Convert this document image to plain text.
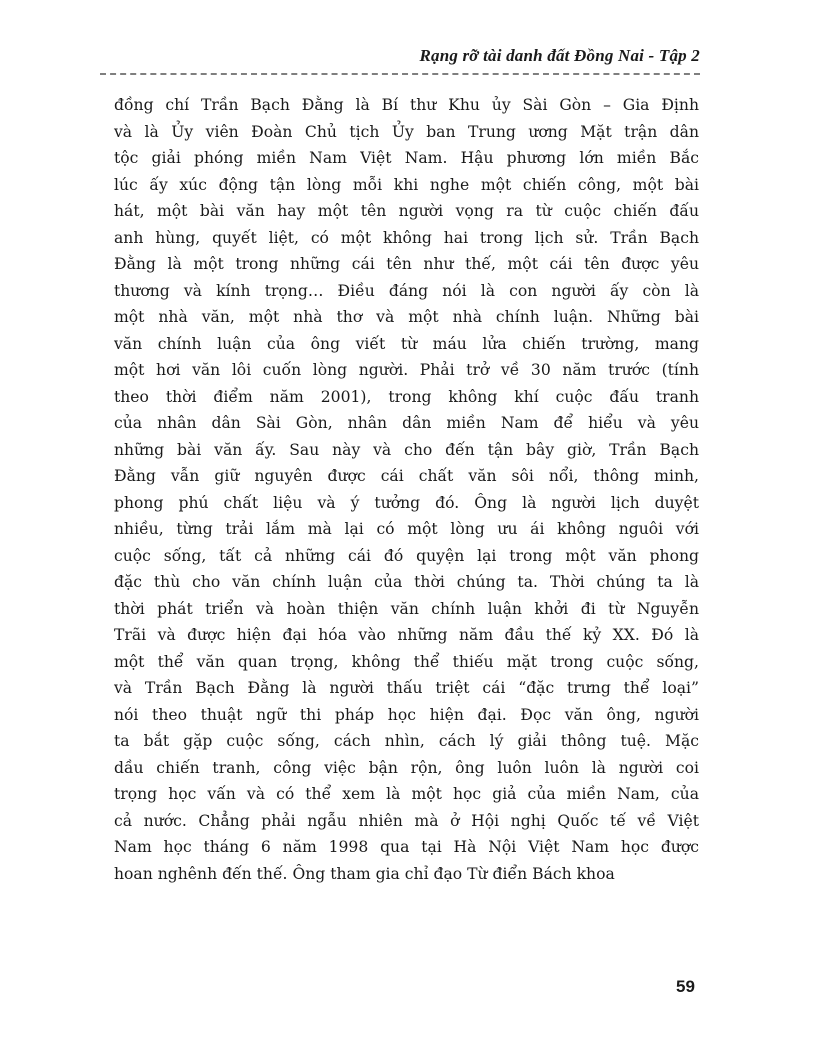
Rạng rỡ tài danh đất Đồng Nai - Tập 2
đồng chí Trần Bạch Đằng là Bí thư Khu ủy Sài Gòn – Gia Định
và là Ủy viên Đoàn Chủ tịch Ủy ban Trung ương Mặt trận dân
tộc giải phóng miền Nam Việt Nam. Hậu phương lớn miền Bắc
lúc ấy xúc động tận lòng mỗi khi nghe một chiến công, một bài
hát, một bài văn hay một tên người vọng ra từ cuộc chiến đấu
anh hùng, quyết liệt, có một không hai trong lịch sử. Trần Bạch
Đằng là một trong những cái tên như thế, một cái tên được yêu
thương và kính trọng… Điều đáng nói là con người ấy còn là
một nhà văn, một nhà thơ và một nhà chính luận. Những bài
văn chính luận của ông viết từ máu lửa chiến trường, mang
một hơi văn lôi cuốn lòng người. Phải trở về 30 năm trước (tính
theo thời điểm năm 2001), trong không khí cuộc đấu tranh
của nhân dân Sài Gòn, nhân dân miền Nam để hiểu và yêu
những bài văn ấy. Sau này và cho đến tận bây giờ, Trần Bạch
Đằng vẫn giữ nguyên được cái chất văn sôi nổi, thông minh,
phong phú chất liệu và ý tưởng đó. Ông là người lịch duyệt
nhiều, từng trải lắm mà lại có một lòng ưu ái không nguôi với
cuộc sống, tất cả những cái đó quyện lại trong một văn phong
đặc thù cho văn chính luận của thời chúng ta. Thời chúng ta là
thời phát triển và hoàn thiện văn chính luận khởi đi từ Nguyễn
Trãi và được hiện đại hóa vào những năm đầu thế kỷ XX. Đó là
một thể văn quan trọng, không thể thiếu mặt trong cuộc sống,
và Trần Bạch Đằng là người thấu triệt cái “đặc trưng thể loại”
nói theo thuật ngữ thi pháp học hiện đại. Đọc văn ông, người
ta bắt gặp cuộc sống, cách nhìn, cách lý giải thông tuệ. Mặc
dầu chiến tranh, công việc bận rộn, ông luôn luôn là người coi
trọng học vấn và có thể xem là một học giả của miền Nam, của
cả nước. Chẳng phải ngẫu nhiên mà ở Hội nghị Quốc tế về Việt
Nam học tháng 6 năm 1998 qua tại Hà Nội Việt Nam học được
hoan nghênh đến thế. Ông tham gia chỉ đạo Từ điển Bách khoa
59
